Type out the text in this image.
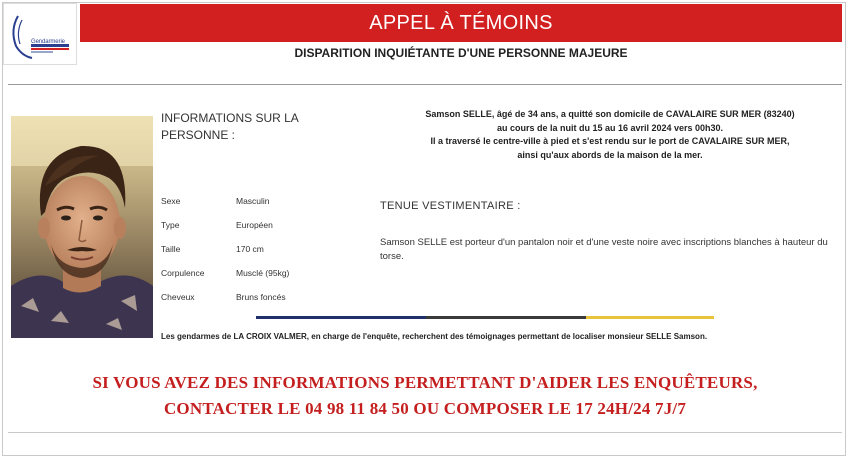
Gendarmerie
APPEL À TÉMOINS
DISPARITION INQUIÉTANTE D'UNE PERSONNE MAJEURE
INFORMATIONS SUR LA PERSONNE :
Sexe	Masculin
Type	Européen
Taille	170 cm
Corpulence	Musclé (95kg)
Cheveux	Bruns foncés
Samson SELLE, âgé de 34 ans, a quitté son domicile de CAVALAIRE SUR MER (83240)
au cours de la nuit du 15 au 16 avril 2024 vers 00h30.
Il a traversé le centre-ville à pied et s'est rendu sur le port de CAVALAIRE SUR MER,
ainsi qu'aux abords de la maison de la mer.
TENUE VESTIMENTAIRE :
Samson SELLE est porteur d'un pantalon noir et d'une veste noire avec inscriptions blanches à hauteur du torse.
Les gendarmes de LA CROIX VALMER, en charge de l'enquête, recherchent des témoignages permettant de localiser monsieur SELLE Samson.
SI VOUS AVEZ DES INFORMATIONS PERMETTANT D'AIDER LES ENQUÊTEURS,
CONTACTER LE 04 98 11 84 50 OU COMPOSER LE 17 24H/24 7J/7
